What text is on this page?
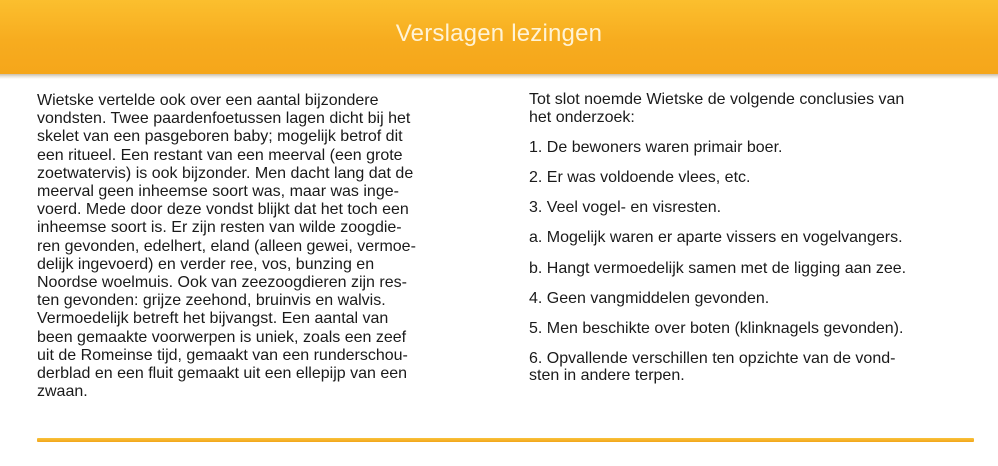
Verslagen lezingen

Wietske vertelde ook over een aantal bijzondere
vondsten. Twee paardenfoetussen lagen dicht bij het
skelet van een pasgeboren baby; mogelijk betrof dit
een ritueel. Een restant van een meerval (een grote
zoetwatervis) is ook bijzonder. Men dacht lang dat de
meerval geen inheemse soort was, maar was inge-
voerd. Mede door deze vondst blijkt dat het toch een
inheemse soort is. Er zijn resten van wilde zoogdie-
ren gevonden, edelhert, eland (alleen gewei, vermoe-
delijk ingevoerd) en verder ree, vos, bunzing en
Noordse woelmuis. Ook van zeezoogdieren zijn res-
ten gevonden: grijze zeehond, bruinvis en walvis.
Vermoedelijk betreft het bijvangst. Een aantal van
been gemaakte voorwerpen is uniek, zoals een zeef
uit de Romeinse tijd, gemaakt van een runderschou-
derblad en een fluit gemaakt uit een ellepijp van een
zwaan.

Tot slot noemde Wietske de volgende conclusies van
het onderzoek:

1. De bewoners waren primair boer.
2. Er was voldoende vlees, etc.
3. Veel vogel- en visresten.
a. Mogelijk waren er aparte vissers en vogelvangers.
b. Hangt vermoedelijk samen met de ligging aan zee.
4. Geen vangmiddelen gevonden.
5. Men beschikte over boten (klinknagels gevonden).
6. Opvallende verschillen ten opzichte van de vond-
sten in andere terpen.
